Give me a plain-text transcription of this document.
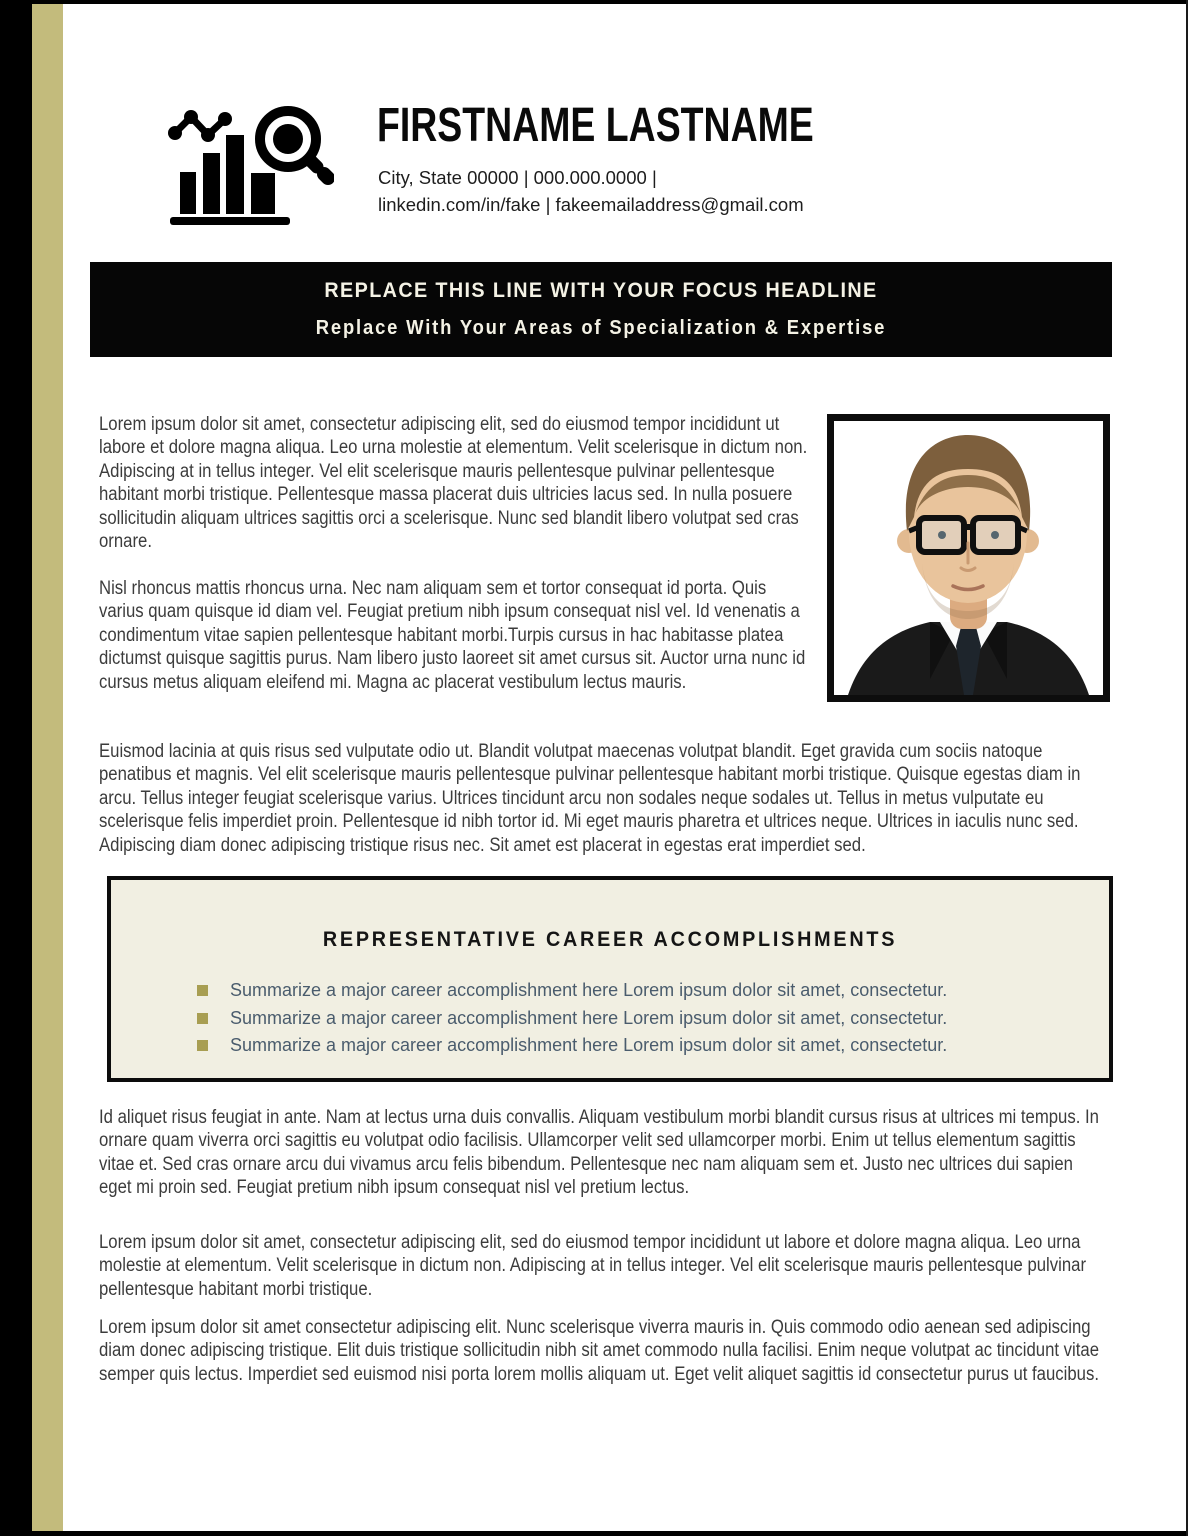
FIRSTNAME LASTNAME
City, State 00000 | 000.000.0000 |
linkedin.com/in/fake | fakeemailaddress@gmail.com
REPLACE THIS LINE WITH YOUR FOCUS HEADLINE
Replace With Your Areas of Specialization & Expertise

Lorem ipsum dolor sit amet, consectetur adipiscing elit, sed do eiusmod tempor incididunt ut labore et dolore magna aliqua. Leo urna molestie at elementum. Velit scelerisque in dictum non. Adipiscing at in tellus integer. Vel elit scelerisque mauris pellentesque pulvinar pellentesque habitant morbi tristique. Pellentesque massa placerat duis ultricies lacus sed. In nulla posuere sollicitudin aliquam ultrices sagittis orci a scelerisque. Nunc sed blandit libero volutpat sed cras ornare.

Nisl rhoncus mattis rhoncus urna. Nec nam aliquam sem et tortor consequat id porta. Quis varius quam quisque id diam vel. Feugiat pretium nibh ipsum consequat nisl vel. Id venenatis a condimentum vitae sapien pellentesque habitant morbi.Turpis cursus in hac habitasse platea dictumst quisque sagittis purus. Nam libero justo laoreet sit amet cursus sit. Auctor urna nunc id cursus metus aliquam eleifend mi. Magna ac placerat vestibulum lectus mauris.

Euismod lacinia at quis risus sed vulputate odio ut. Blandit volutpat maecenas volutpat blandit. Eget gravida cum sociis natoque penatibus et magnis. Vel elit scelerisque mauris pellentesque pulvinar pellentesque habitant morbi tristique. Quisque egestas diam in arcu. Tellus integer feugiat scelerisque varius. Ultrices tincidunt arcu non sodales neque sodales ut. Tellus in metus vulputate eu scelerisque felis imperdiet proin. Pellentesque id nibh tortor id. Mi eget mauris pharetra et ultrices neque. Ultrices in iaculis nunc sed. Adipiscing diam donec adipiscing tristique risus nec. Sit amet est placerat in egestas erat imperdiet sed.

REPRESENTATIVE CAREER ACCOMPLISHMENTS
Summarize a major career accomplishment here Lorem ipsum dolor sit amet, consectetur.
Summarize a major career accomplishment here Lorem ipsum dolor sit amet, consectetur.
Summarize a major career accomplishment here Lorem ipsum dolor sit amet, consectetur.

Id aliquet risus feugiat in ante. Nam at lectus urna duis convallis. Aliquam vestibulum morbi blandit cursus risus at ultrices mi tempus. In ornare quam viverra orci sagittis eu volutpat odio facilisis. Ullamcorper velit sed ullamcorper morbi. Enim ut tellus elementum sagittis vitae et. Sed cras ornare arcu dui vivamus arcu felis bibendum. Pellentesque nec nam aliquam sem et. Justo nec ultrices dui sapien eget mi proin sed. Feugiat pretium nibh ipsum consequat nisl vel pretium lectus.

Lorem ipsum dolor sit amet, consectetur adipiscing elit, sed do eiusmod tempor incididunt ut labore et dolore magna aliqua. Leo urna molestie at elementum. Velit scelerisque in dictum non. Adipiscing at in tellus integer. Vel elit scelerisque mauris pellentesque pulvinar pellentesque habitant morbi tristique.

Lorem ipsum dolor sit amet consectetur adipiscing elit. Nunc scelerisque viverra mauris in. Quis commodo odio aenean sed adipiscing diam donec adipiscing tristique. Elit duis tristique sollicitudin nibh sit amet commodo nulla facilisi. Enim neque volutpat ac tincidunt vitae semper quis lectus. Imperdiet sed euismod nisi porta lorem mollis aliquam ut. Eget velit aliquet sagittis id consectetur purus ut faucibus.
